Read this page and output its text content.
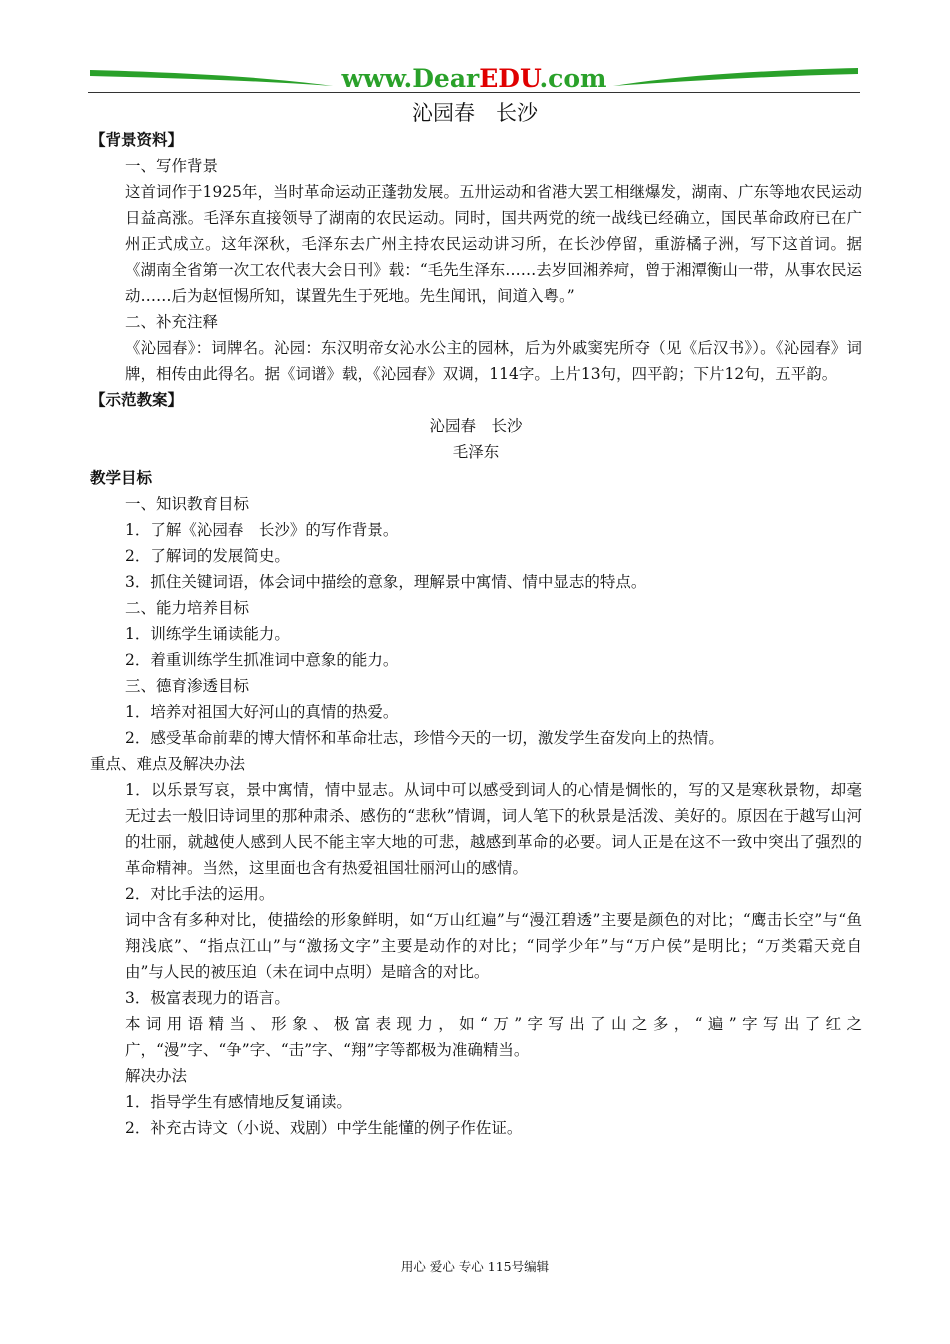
www.DearEDU.com
沁园春　长沙

【背景资料】

一、写作背景

这首词作于1925年，当时革命运动正蓬勃发展。五卅运动和省港大罢工相继爆发，湖南、广东等地农民运动日益高涨。毛泽东直接领导了湖南的农民运动。同时，国共两党的统一战线已经确立，国民革命政府已在广州正式成立。这年深秋，毛泽东去广州主持农民运动讲习所，在长沙停留，重游橘子洲，写下这首词。据《湖南全省第一次工农代表大会日刊》载：“毛先生泽东……去岁回湘养疴，曾于湘潭衡山一带，从事农民运动……后为赵恒惕所知，谋置先生于死地。先生闻讯，间道入粤。”

二、补充注释

《沁园春》：词牌名。沁园：东汉明帝女沁水公主的园林，后为外戚窦宪所夺（见《后汉书》）。《沁园春》词牌，相传由此得名。据《词谱》载，《沁园春》双调，114字。上片13句，四平韵；下片12句，五平韵。

【示范教案】

沁园春　长沙

毛泽东

教学目标

一、知识教育目标

1．了解《沁园春　长沙》的写作背景。

2．了解词的发展简史。

3．抓住关键词语，体会词中描绘的意象，理解景中寓情、情中显志的特点。

二、能力培养目标

1．训练学生诵读能力。

2．着重训练学生抓准词中意象的能力。

三、德育渗透目标

1．培养对祖国大好河山的真情的热爱。

2．感受革命前辈的博大情怀和革命壮志，珍惜今天的一切，激发学生奋发向上的热情。

重点、难点及解决办法

1．以乐景写哀，景中寓情，情中显志。从词中可以感受到词人的心情是惆怅的，写的又是寒秋景物，却毫无过去一般旧诗词里的那种肃杀、感伤的“悲秋”情调，词人笔下的秋景是活泼、美好的。原因在于越写山河的壮丽，就越使人感到人民不能主宰大地的可悲，越感到革命的必要。词人正是在这不一致中突出了强烈的革命精神。当然，这里面也含有热爱祖国壮丽河山的感情。

2．对比手法的运用。

词中含有多种对比，使描绘的形象鲜明，如“万山红遍”与“漫江碧透”主要是颜色的对比；“鹰击长空”与“鱼翔浅底”、“指点江山”与“激扬文字”主要是动作的对比；“同学少年”与“万户侯”是明比；“万类霜天竞自由”与人民的被压迫（未在词中点明）是暗含的对比。

3．极富表现力的语言。

本词用语精当、形象、极富表现力，如“万”字写出了山之多，“遍”字写出了红之广，“漫”字、“争”字、“击”字、“翔”字等都极为准确精当。

解决办法

1．指导学生有感情地反复诵读。

2．补充古诗文（小说、戏剧）中学生能懂的例子作佐证。

用心 爱心 专心 115号编辑
